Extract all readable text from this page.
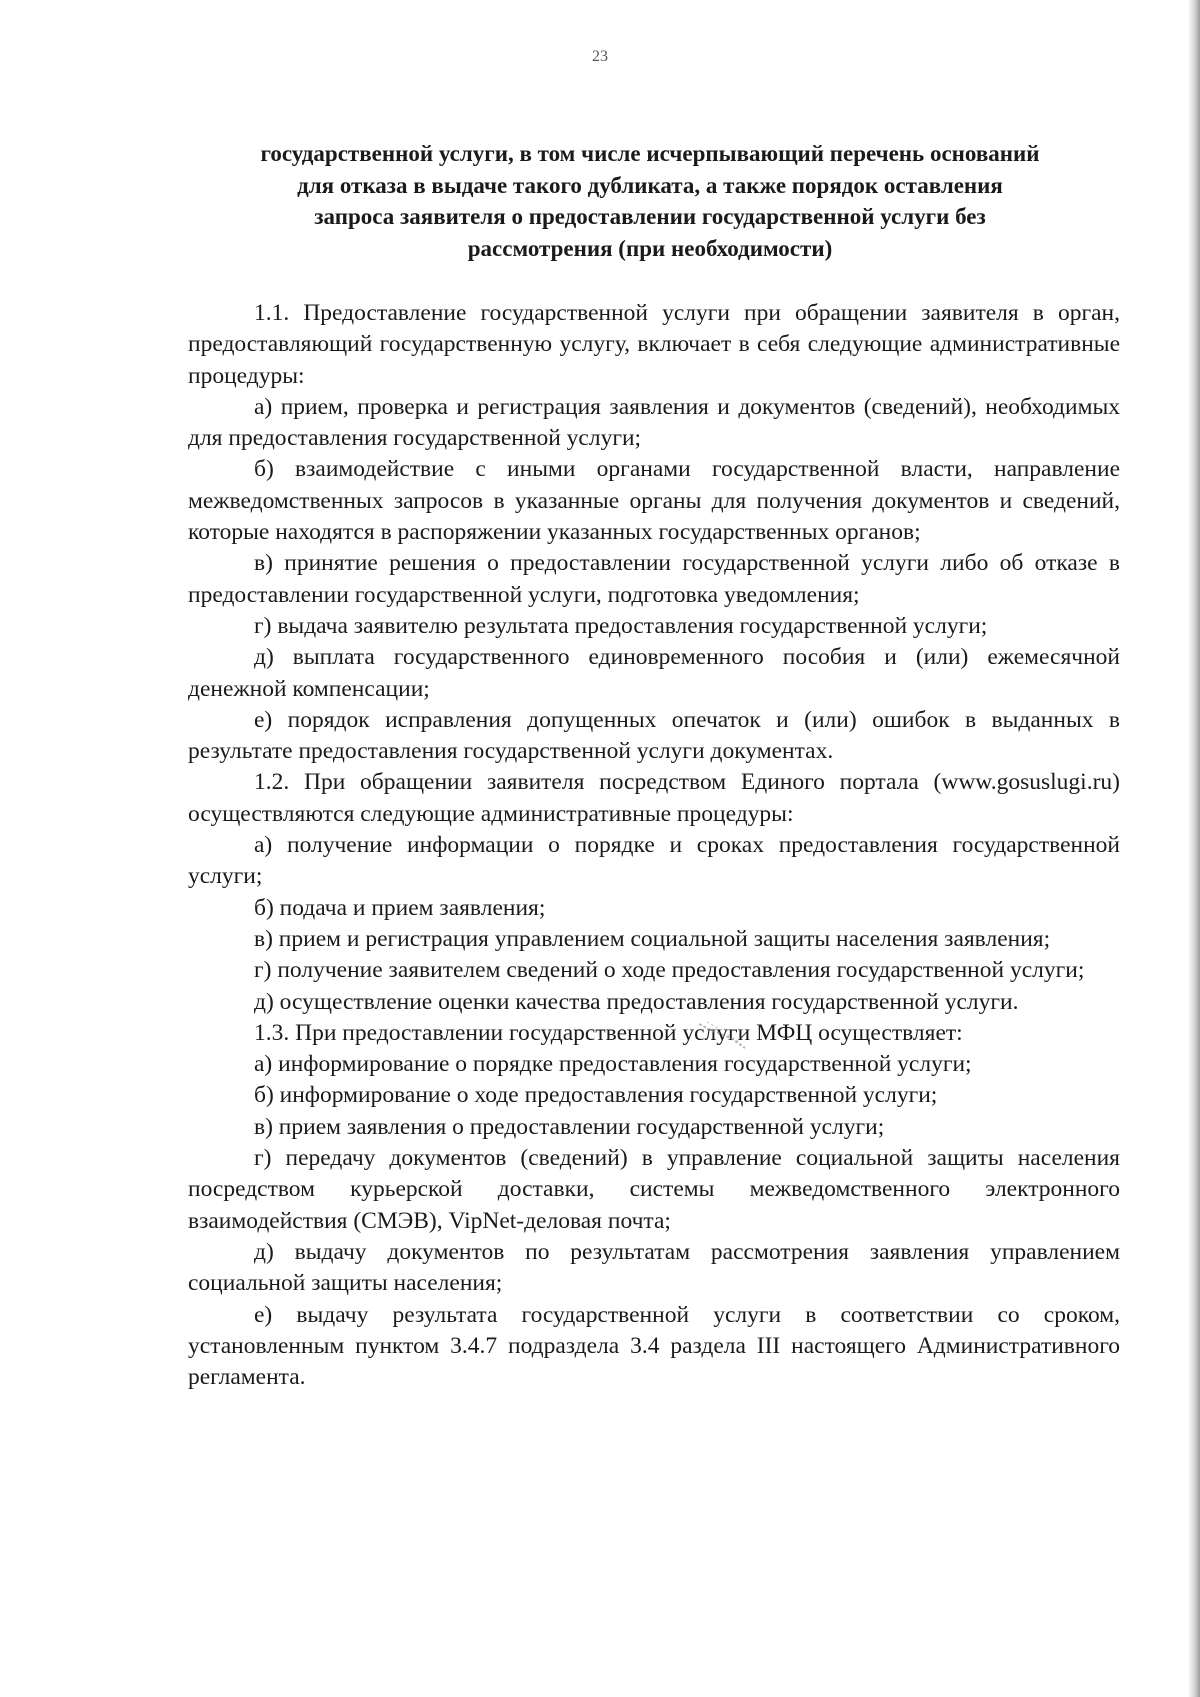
23
государственной услуги, в том числе исчерпывающий перечень оснований
для отказа в выдаче такого дубликата, а также порядок оставления
запроса заявителя о предоставлении государственной услуги без
рассмотрения (при необходимости)

1.1. Предоставление государственной услуги при обращении заявителя в орган, предоставляющий государственную услугу, включает в себя следующие административные процедуры:

а) прием, проверка и регистрация заявления и документов (сведений), необходимых для предоставления государственной услуги;

б) взаимодействие с иными органами государственной власти, направление межведомственных запросов в указанные органы для получения документов и сведений, которые находятся в распоряжении указанных государственных органов;

в) принятие решения о предоставлении государственной услуги либо об отказе в предоставлении государственной услуги, подготовка уведомления;

г) выдача заявителю результата предоставления государственной услуги;

д) выплата государственного единовременного пособия и (или) ежемесячной денежной компенсации;

е) порядок исправления допущенных опечаток и (или) ошибок в выданных в результате предоставления государственной услуги документах.

1.2. При обращении заявителя посредством Единого портала (www.gosuslugi.ru) осуществляются следующие административные процедуры:

а) получение информации о порядке и сроках предоставления государственной услуги;

б) подача и прием заявления;

в) прием и регистрация управлением социальной защиты населения заявления;

г) получение заявителем сведений о ходе предоставления государственной услуги;

д) осуществление оценки качества предоставления государственной услуги.

1.3. При предоставлении государственной услуги МФЦ осуществляет:

а) информирование о порядке предоставления государственной услуги;

б) информирование о ходе предоставления государственной услуги;

в) прием заявления о предоставлении государственной услуги;

г) передачу документов (сведений) в управление социальной защиты населения посредством курьерской доставки, системы межведомственного электронного взаимодействия (СМЭВ), VipNet-деловая почта;

д) выдачу документов по результатам рассмотрения заявления управлением социальной защиты населения;

е) выдачу результата государственной услуги в соответствии со сроком, установленным пунктом 3.4.7 подраздела 3.4 раздела III настоящего Административного регламента.
